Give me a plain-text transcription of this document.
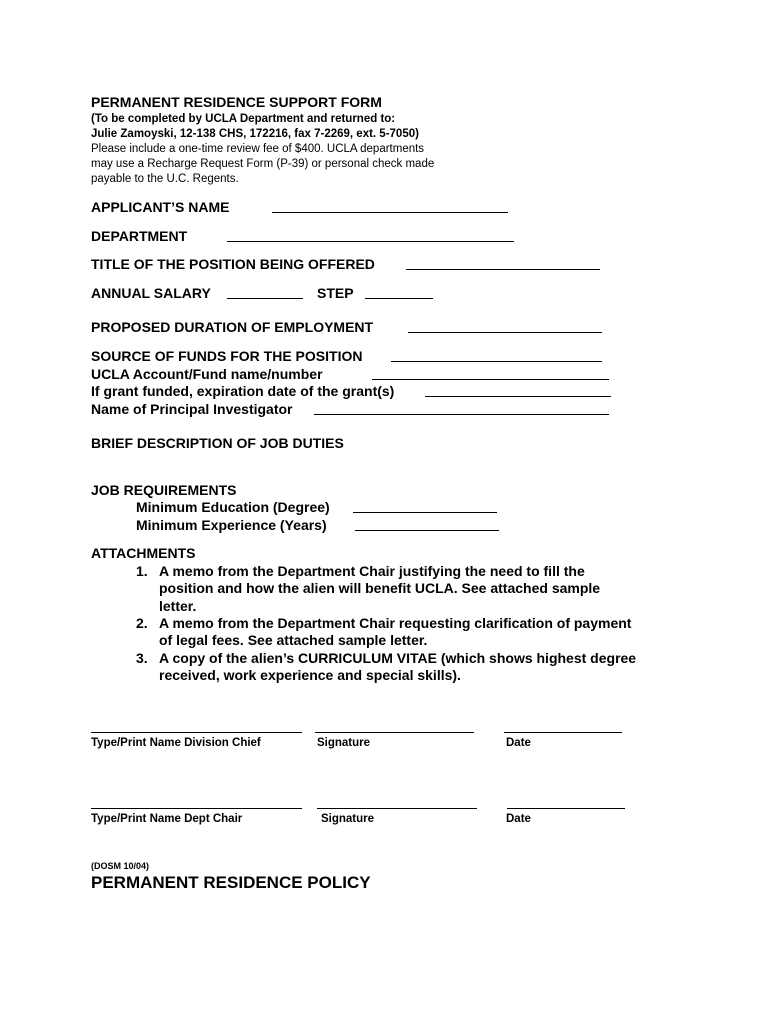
PERMANENT RESIDENCE SUPPORT FORM
(To be completed by UCLA Department and returned to:
Julie Zamoyski, 12-138 CHS, 172216, fax 7-2269, ext. 5-7050)
Please include a one-time review fee of $400. UCLA departments
may use a Recharge Request Form (P-39) or personal check made
payable to the U.C. Regents.
APPLICANT’S NAME
DEPARTMENT
TITLE OF THE POSITION BEING OFFERED
ANNUAL SALARY	STEP
PROPOSED DURATION OF EMPLOYMENT
SOURCE OF FUNDS FOR THE POSITION
UCLA Account/Fund name/number
If grant funded, expiration date of the grant(s)
Name of Principal Investigator
BRIEF DESCRIPTION OF JOB DUTIES
JOB REQUIREMENTS
Minimum Education (Degree)
Minimum Experience (Years)
ATTACHMENTS
1. A memo from the Department Chair justifying the need to fill the
position and how the alien will benefit UCLA. See attached sample
letter.
2. A memo from the Department Chair requesting clarification of payment
of legal fees. See attached sample letter.
3. A copy of the alien’s CURRICULUM VITAE (which shows highest degree
received, work experience and special skills).
Type/Print Name Division Chief	Signature	Date
Type/Print Name Dept Chair	Signature	Date
(DOSM 10/04)
PERMANENT RESIDENCE POLICY
